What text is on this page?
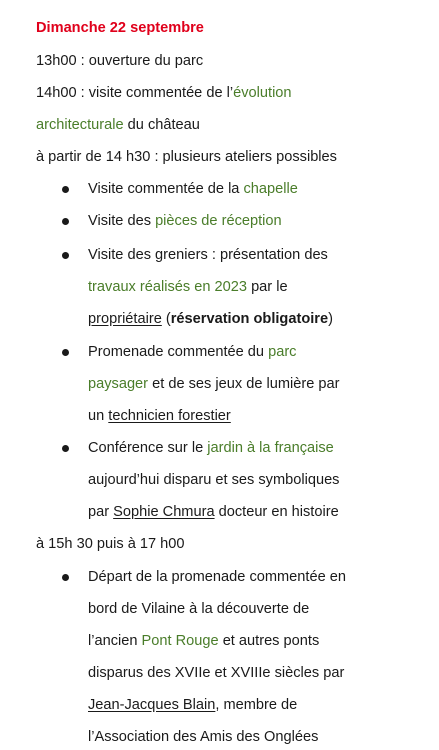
Dimanche 22 septembre
13h00 : ouverture du parc
14h00 : visite commentée de l’évolution
architecturale du château
à partir de 14 h30 : plusieurs ateliers possibles
Visite commentée de la chapelle
Visite des pièces de réception
Visite des greniers : présentation des
travaux réalisés en 2023 par le
propriétaire (réservation obligatoire)
Promenade commentée du parc
paysager et de ses jeux de lumière par
un technicien forestier
Conférence sur le jardin à la française
aujourd’hui disparu et ses symboliques
par Sophie Chmura docteur en histoire
à 15h 30 puis à 17 h00
Départ de la promenade commentée en
bord de Vilaine à la découverte de
l’ancien Pont Rouge et autres ponts
disparus des XVIIe et XVIIIe siècles par
Jean-Jacques Blain, membre de
l’Association des Amis des Onglées
